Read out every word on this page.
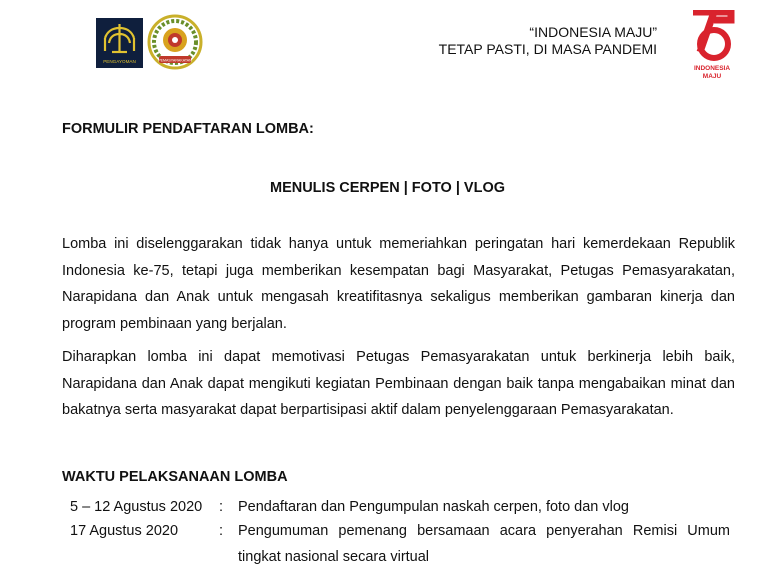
PENGAYOMAN	PEMASYARAKATAN
“INDONESIA MAJU”
TETAP PASTI, DI MASA PANDEMI
INDONESIA
MAJU
FORMULIR PENDAFTARAN LOMBA:
MENULIS CERPEN | FOTO | VLOG
Lomba ini diselenggarakan tidak hanya untuk memeriahkan peringatan hari kemerdekaan Republik Indonesia ke-75, tetapi juga memberikan kesempatan bagi Masyarakat, Petugas Pemasyarakatan, Narapidana dan Anak untuk mengasah kreatifitasnya sekaligus memberikan gambaran kinerja dan program pembinaan yang berjalan.
Diharapkan lomba ini dapat memotivasi Petugas Pemasyarakatan untuk berkinerja lebih baik, Narapidana dan Anak dapat mengikuti kegiatan Pembinaan dengan baik tanpa mengabaikan minat dan bakatnya serta masyarakat dapat berpartisipasi aktif dalam penyelenggaraan Pemasyarakatan.
WAKTU PELAKSANAAN LOMBA
5 – 12 Agustus 2020 : Pendaftaran dan Pengumpulan naskah cerpen, foto dan vlog
17 Agustus 2020	: Pengumuman pemenang bersamaan acara penyerahan Remisi Umum tingkat nasional secara virtual
